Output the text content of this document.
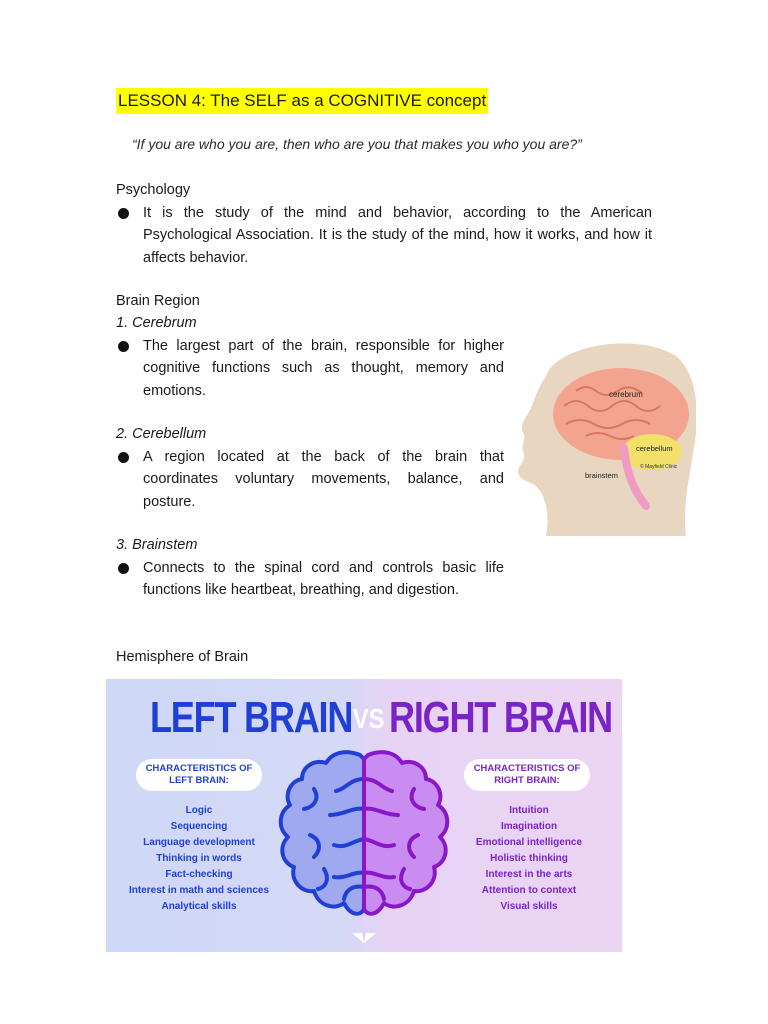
LESSON 4: The SELF as a COGNITIVE concept
“If you are who you are, then who are you that makes you who you are?”
Psychology
It is the study of the mind and behavior, according to the American Psychological Association. It is the study of the mind, how it works, and how it affects behavior.
Brain Region
1. Cerebrum
The largest part of the brain, responsible for higher cognitive functions such as thought, memory and emotions.
2. Cerebellum
A region located at the back of the brain that coordinates voluntary movements, balance, and posture.
3. Brainstem
Connects to the spinal cord and controls basic life functions like heartbeat, breathing, and digestion.
cerebrum
cerebellum
© Mayfield Clinic
brainstem
Hemisphere of Brain
LEFT BRAIN VS RIGHT BRAIN
CHARACTERISTICS OF LEFT BRAIN:
CHARACTERISTICS OF RIGHT BRAIN:
Logic
Sequencing
Language development
Thinking in words
Fact-checking
Interest in math and sciences
Analytical skills
Intuition
Imagination
Emotional intelligence
Holistic thinking
Interest in the arts
Attention to context
Visual skills
